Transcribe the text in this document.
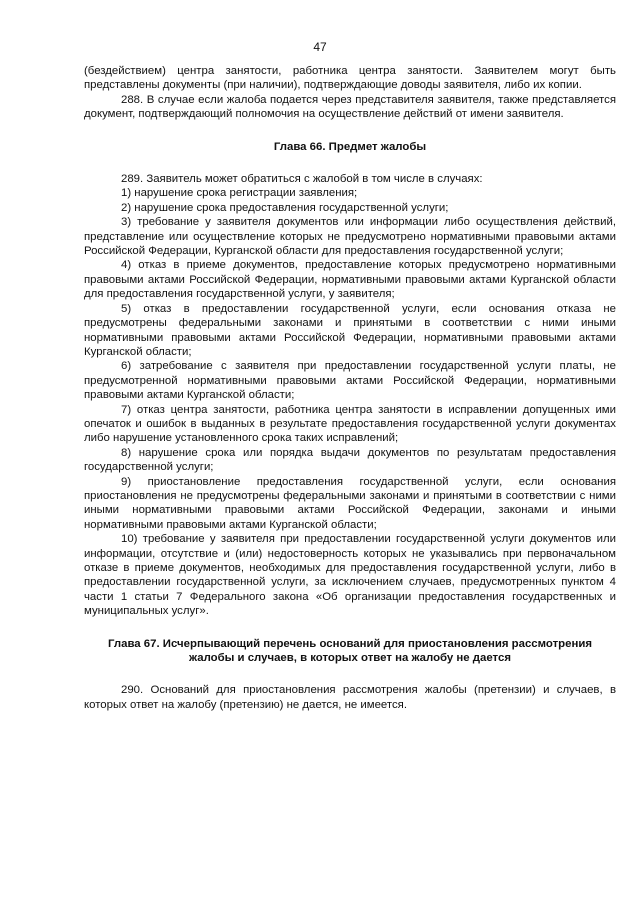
47

(бездействием) центра занятости, работника центра занятости. Заявителем могут быть представлены документы (при наличии), подтверждающие доводы заявителя, либо их копии.

288. В случае если жалоба подается через представителя заявителя, также представляется документ, подтверждающий полномочия на осуществление действий от имени заявителя.

Глава 66. Предмет жалобы

289. Заявитель может обратиться с жалобой в том числе в случаях:

1) нарушение срока регистрации заявления;

2) нарушение срока предоставления государственной услуги;

3) требование у заявителя документов или информации либо осуществления действий, представление или осуществление которых не предусмотрено нормативными правовыми актами Российской Федерации, Курганской области для предоставления государственной услуги;

4) отказ в приеме документов, предоставление которых предусмотрено нормативными правовыми актами Российской Федерации, нормативными правовыми актами Курганской области для предоставления государственной услуги, у заявителя;

5) отказ в предоставлении государственной услуги, если основания отказа не предусмотрены федеральными законами и принятыми в соответствии с ними иными нормативными правовыми актами Российской Федерации, нормативными правовыми актами Курганской области;

6) затребование с заявителя при предоставлении государственной услуги платы, не предусмотренной нормативными правовыми актами Российской Федерации, нормативными правовыми актами Курганской области;

7) отказ центра занятости, работника центра занятости в исправлении допущенных ими опечаток и ошибок в выданных в результате предоставления государственной услуги документах либо нарушение установленного срока таких исправлений;

8) нарушение срока или порядка выдачи документов по результатам предоставления государственной услуги;

9) приостановление предоставления государственной услуги, если основания приостановления не предусмотрены федеральными законами и принятыми в соответствии с ними иными нормативными правовыми актами Российской Федерации, законами и иными нормативными правовыми актами Курганской области;

10) требование у заявителя при предоставлении государственной услуги документов или информации, отсутствие и (или) недостоверность которых не указывались при первоначальном отказе в приеме документов, необходимых для предоставления государственной услуги, либо в предоставлении государственной услуги, за исключением случаев, предусмотренных пунктом 4 части 1 статьи 7 Федерального закона «Об организации предоставления государственных и муниципальных услуг».

Глава 67. Исчерпывающий перечень оснований для приостановления рассмотрения жалобы и случаев, в которых ответ на жалобу не дается

290. Оснований для приостановления рассмотрения жалобы (претензии) и случаев, в которых ответ на жалобу (претензию) не дается, не имеется.
